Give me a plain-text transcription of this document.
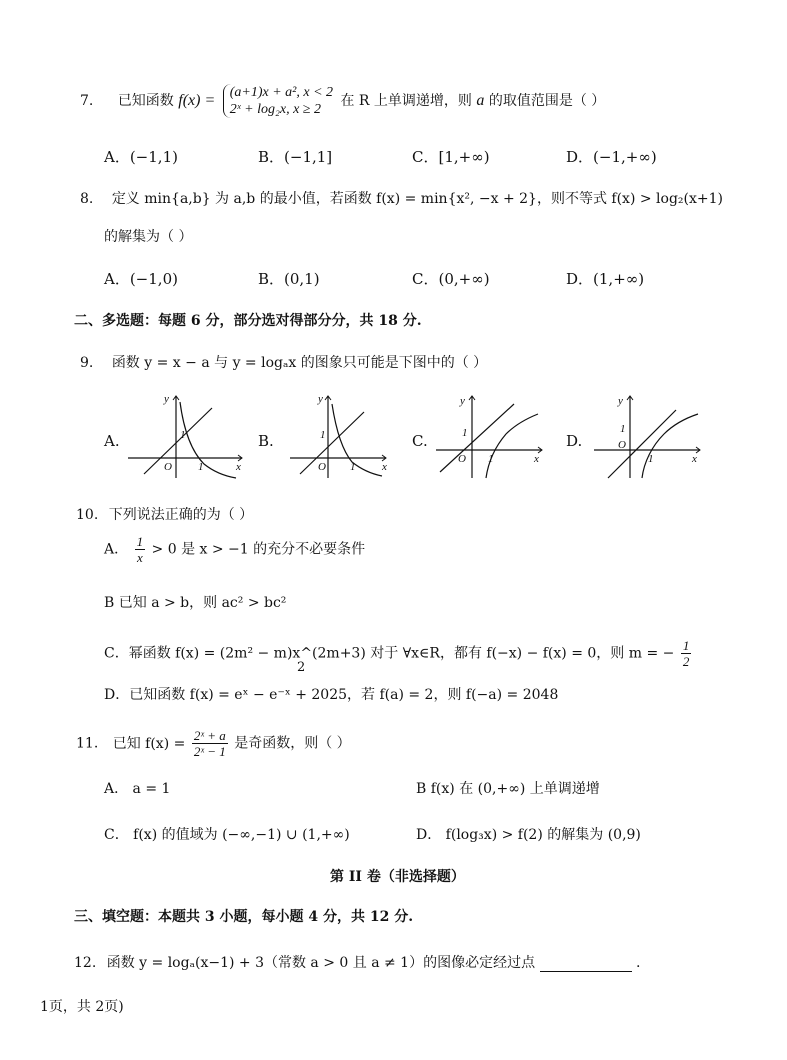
7. 已知函数 f(x) = (a+1)x + a², x < 2
2ˣ + log₂x, x ≥ 2
在 R 上单调递增，则 a 的取值范围是（ ）
A．(−1,1)	B．(−1,1]	C．[1,+∞)	D．(−1,+∞)
8. 定义 min{a,b} 为 a,b 的最小值，若函数 f(x) = min{x², −x + 2}，则不等式 f(x) > log₂(x+1)
的解集为（ ）
A．(−1,0)	B．(0,1)	C．(0,+∞)	D．(1,+∞)
二、多选题：每题 6 分，部分选对得部分分，共 18 分.
9. 函数 y = x − a 与 y = logₐx 的图象只可能是下图中的（ ）
A.
y
x
O
1
1
B.
y
x
O
1
1
C.
y
x
O
1
1
D.
y
x
O
1
1
10. 下列说法正确的为（ ）
A． $\frac{1}{x} > 0$ 是 x > −1 的充分不必要条件
B 已知 a > b，则 ac² > bc²
C．幂函数 f(x) = (2m² − m)x^(2m+3) 对于 ∀x∈R，都有 f(−x) − f(x) = 0，则 m = − $\frac{1}{2}$
2
D．已知函数 f(x) = eˣ − e⁻ˣ + 2025，若 f(a) = 2，则 f(−a) = 2048
11. 已知 $f(x) = \frac{\text{2ˣ + a}}{\text{2ˣ − 1}}$ 是奇函数，则（ ）
A． a = 1	B f(x) 在 (0,+∞) 上单调递增
C． f(x) 的值域为 (−∞,−1) ∪ (1,+∞)	D． f(log₃x) > f(2) 的解集为 (0,9)
第 II 卷（非选择题）
三、填空题：本题共 3 小题，每小题 4 分，共 12 分.
12. 函数 y = logₐ(x−1) + 3（常数 a > 0 且 a ≠ 1）的图像必定经过点	.
1页，共 2页)
